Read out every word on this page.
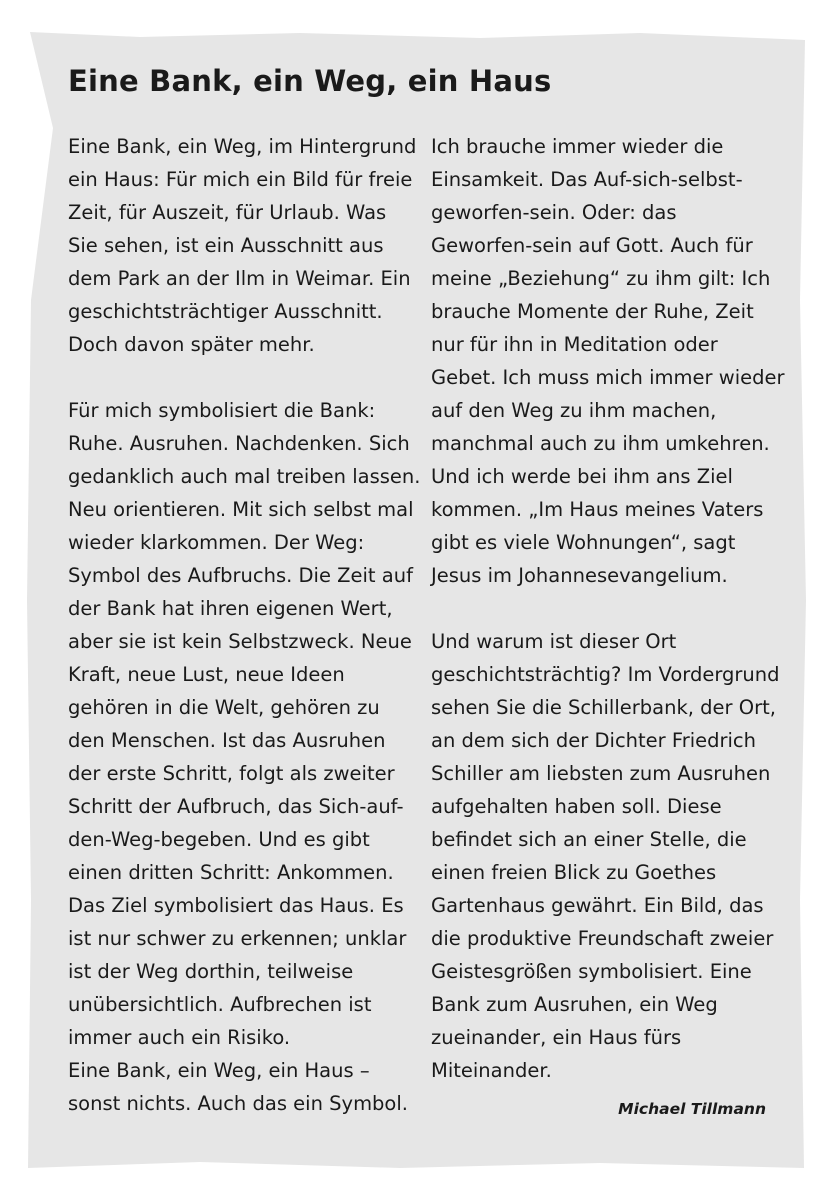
Eine Bank, ein Weg, ein Haus
Eine Bank, ein Weg, im Hintergrund
ein Haus: Für mich ein Bild für freie
Zeit, für Auszeit, für Urlaub. Was
Sie sehen, ist ein Ausschnitt aus
dem Park an der Ilm in Weimar. Ein
geschichtsträchtiger Ausschnitt.
Doch davon später mehr.
Für mich symbolisiert die Bank:
Ruhe. Ausruhen. Nachdenken. Sich
gedanklich auch mal treiben lassen.
Neu orientieren. Mit sich selbst mal
wieder klarkommen. Der Weg:
Symbol des Aufbruchs. Die Zeit auf
der Bank hat ihren eigenen Wert,
aber sie ist kein Selbstzweck. Neue
Kraft, neue Lust, neue Ideen
gehören in die Welt, gehören zu
den Menschen. Ist das Ausruhen
der erste Schritt, folgt als zweiter
Schritt der Aufbruch, das Sich-auf-
den-Weg-begeben. Und es gibt
einen dritten Schritt: Ankommen.
Das Ziel symbolisiert das Haus. Es
ist nur schwer zu erkennen; unklar
ist der Weg dorthin, teilweise
unübersichtlich. Aufbrechen ist
immer auch ein Risiko.
Eine Bank, ein Weg, ein Haus –
sonst nichts. Auch das ein Symbol.
Ich brauche immer wieder die
Einsamkeit. Das Auf-sich-selbst-
geworfen-sein. Oder: das
Geworfen-sein auf Gott. Auch für
meine „Beziehung“ zu ihm gilt: Ich
brauche Momente der Ruhe, Zeit
nur für ihn in Meditation oder
Gebet. Ich muss mich immer wieder
auf den Weg zu ihm machen,
manchmal auch zu ihm umkehren.
Und ich werde bei ihm ans Ziel
kommen. „Im Haus meines Vaters
gibt es viele Wohnungen“, sagt
Jesus im Johannesevangelium.
Und warum ist dieser Ort
geschichtsträchtig? Im Vordergrund
sehen Sie die Schillerbank, der Ort,
an dem sich der Dichter Friedrich
Schiller am liebsten zum Ausruhen
aufgehalten haben soll. Diese
befindet sich an einer Stelle, die
einen freien Blick zu Goethes
Gartenhaus gewährt. Ein Bild, das
die produktive Freundschaft zweier
Geistesgrößen symbolisiert. Eine
Bank zum Ausruhen, ein Weg
zueinander, ein Haus fürs
Miteinander.
Michael Tillmann
